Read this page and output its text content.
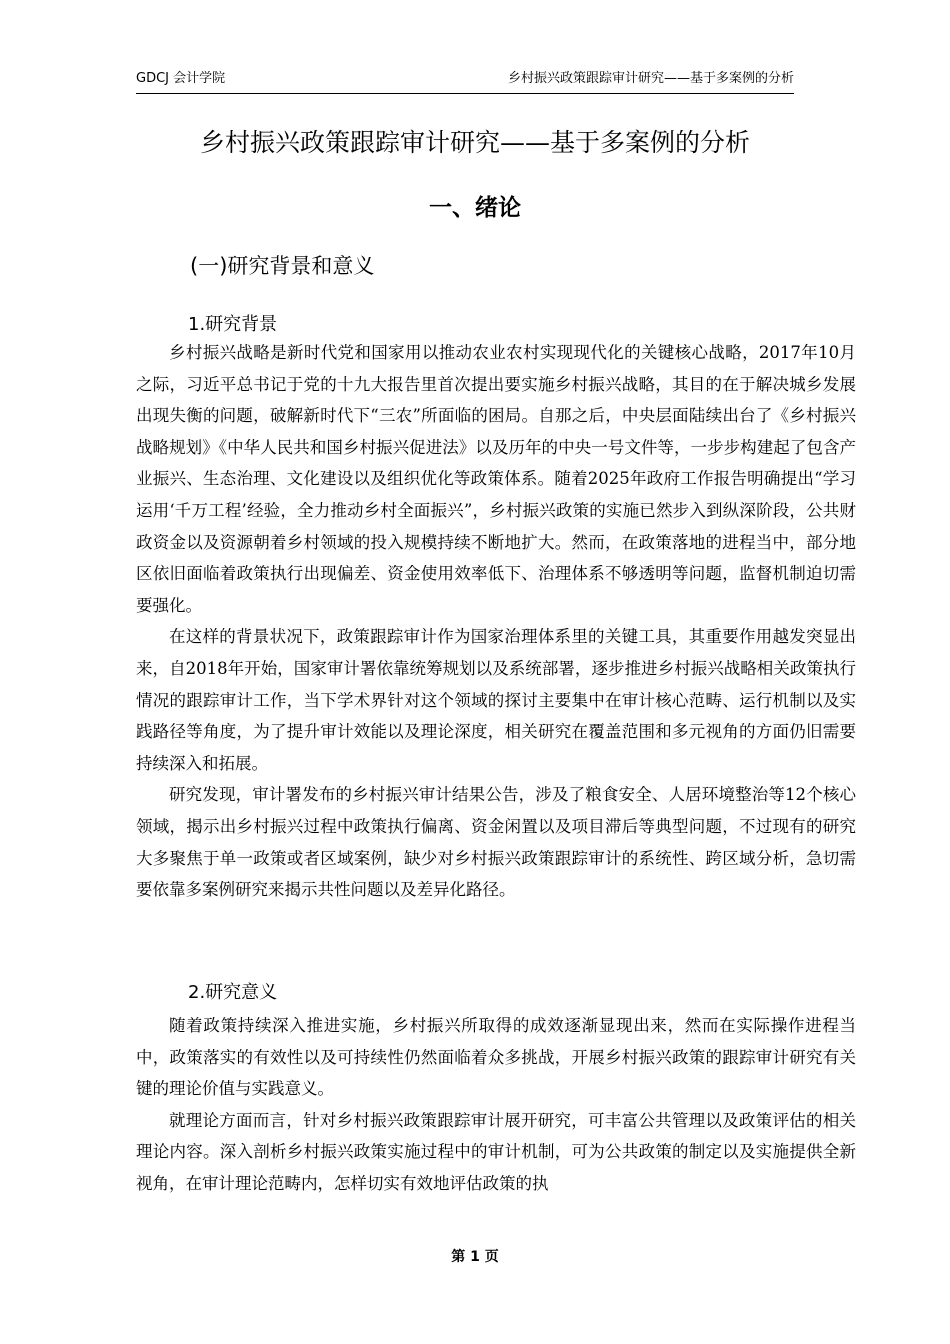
GDCJ 会计学院	乡村振兴政策跟踪审计研究——基于多案例的分析
乡村振兴政策跟踪审计研究——基于多案例的分析
一、绪论
(一)研究背景和意义
1.研究背景

乡村振兴战略是新时代党和国家用以推动农业农村实现现代化的关键核心战略，2017年10月之际，习近平总书记于党的十九大报告里首次提出要实施乡村振兴战略，其目的在于解决城乡发展出现失衡的问题，破解新时代下“三农”所面临的困局。自那之后，中央层面陆续出台了《乡村振兴战略规划》《中华人民共和国乡村振兴促进法》以及历年的中央一号文件等，一步步构建起了包含产业振兴、生态治理、文化建设以及组织优化等政策体系。随着2025年政府工作报告明确提出“学习运用‘千万工程’经验，全力推动乡村全面振兴”，乡村振兴政策的实施已然步入到纵深阶段，公共财政资金以及资源朝着乡村领域的投入规模持续不断地扩大。然而，在政策落地的进程当中，部分地区依旧面临着政策执行出现偏差、资金使用效率低下、治理体系不够透明等问题，监督机制迫切需要强化。

在这样的背景状况下，政策跟踪审计作为国家治理体系里的关键工具，其重要作用越发突显出来，自2018年开始，国家审计署依靠统筹规划以及系统部署，逐步推进乡村振兴战略相关政策执行情况的跟踪审计工作，当下学术界针对这个领域的探讨主要集中在审计核心范畴、运行机制以及实践路径等角度，为了提升审计效能以及理论深度，相关研究在覆盖范围和多元视角的方面仍旧需要持续深入和拓展。

研究发现，审计署发布的乡村振兴审计结果公告，涉及了粮食安全、人居环境整治等12个核心领域，揭示出乡村振兴过程中政策执行偏离、资金闲置以及项目滞后等典型问题，不过现有的研究大多聚焦于单一政策或者区域案例，缺少对乡村振兴政策跟踪审计的系统性、跨区域分析，急切需要依靠多案例研究来揭示共性问题以及差异化路径。

2.研究意义

随着政策持续深入推进实施，乡村振兴所取得的成效逐渐显现出来，然而在实际操作进程当中，政策落实的有效性以及可持续性仍然面临着众多挑战，开展乡村振兴政策的跟踪审计研究有关键的理论价值与实践意义。

就理论方面而言，针对乡村振兴政策跟踪审计展开研究，可丰富公共管理以及政策评估的相关理论内容。深入剖析乡村振兴政策实施过程中的审计机制，可为公共政策的制定以及实施提供全新视角，在审计理论范畴内，怎样切实有效地评估政策的执

第 1 页
